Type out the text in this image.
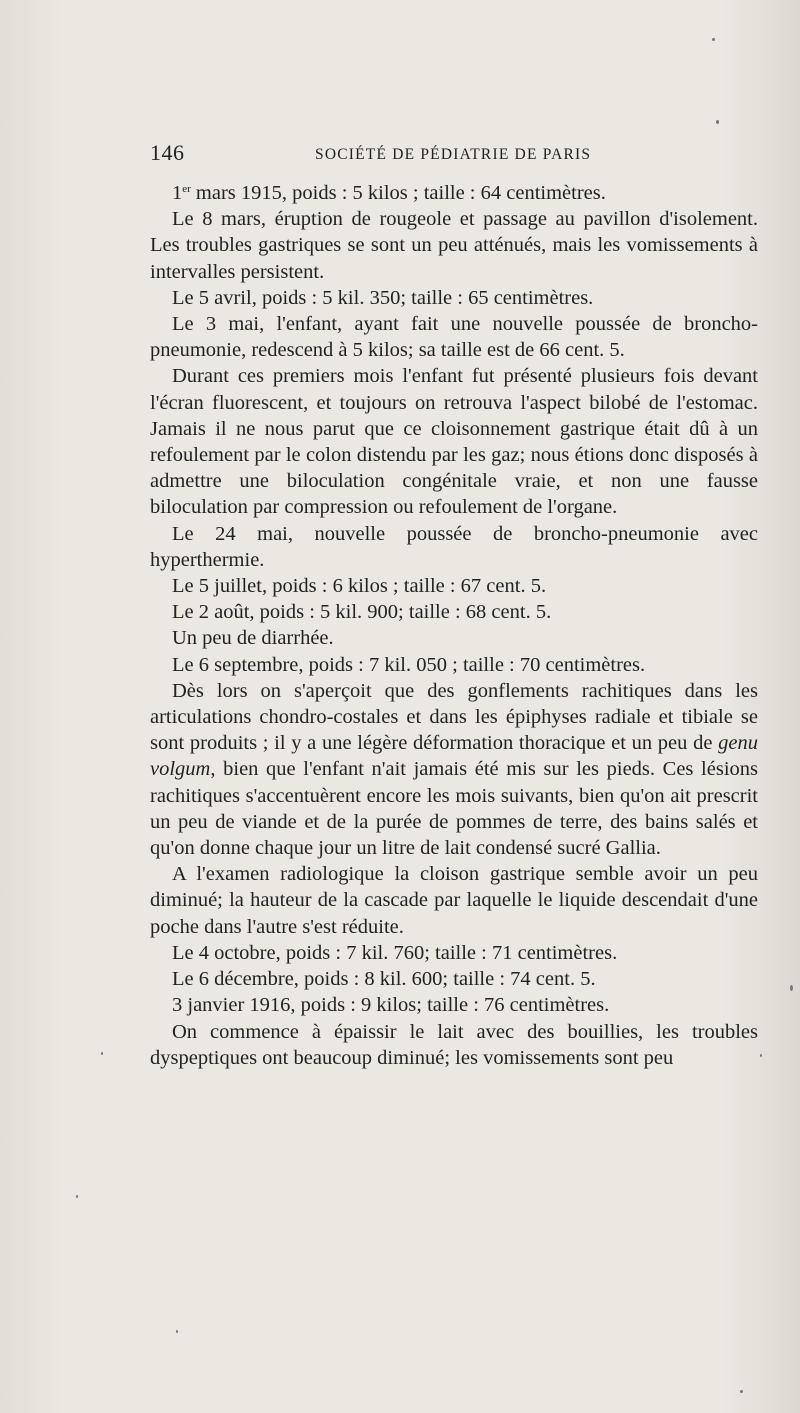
146	SOCIÉTÉ DE PÉDIATRIE DE PARIS

1er mars 1915, poids : 5 kilos ; taille : 64 centimètres.

Le 8 mars, éruption de rougeole et passage au pavillon d'isolement. Les troubles gastriques se sont un peu atténués, mais les vomissements à intervalles persistent.

Le 5 avril, poids : 5 kil. 350; taille : 65 centimètres.

Le 3 mai, l'enfant, ayant fait une nouvelle poussée de broncho-pneumonie, redescend à 5 kilos; sa taille est de 66 cent. 5.

Durant ces premiers mois l'enfant fut présenté plusieurs fois devant l'écran fluorescent, et toujours on retrouva l'aspect bilobé de l'estomac. Jamais il ne nous parut que ce cloisonnement gastrique était dû à un refoulement par le colon distendu par les gaz; nous étions donc disposés à admettre une biloculation congénitale vraie, et non une fausse biloculation par compression ou refoulement de l'organe.

Le 24 mai, nouvelle poussée de broncho-pneumonie avec hyperthermie.

Le 5 juillet, poids : 6 kilos ; taille : 67 cent. 5.

Le 2 août, poids : 5 kil. 900; taille : 68 cent. 5.

Un peu de diarrhée.

Le 6 septembre, poids : 7 kil. 050 ; taille : 70 centimètres.

Dès lors on s'aperçoit que des gonflements rachitiques dans les articulations chondro-costales et dans les épiphyses radiale et tibiale se sont produits ; il y a une légère déformation thoracique et un peu de genu volgum, bien que l'enfant n'ait jamais été mis sur les pieds. Ces lésions rachitiques s'accentuèrent encore les mois suivants, bien qu'on ait prescrit un peu de viande et de la purée de pommes de terre, des bains salés et qu'on donne chaque jour un litre de lait condensé sucré Gallia.

A l'examen radiologique la cloison gastrique semble avoir un peu diminué; la hauteur de la cascade par laquelle le liquide descendait d'une poche dans l'autre s'est réduite.

Le 4 octobre, poids : 7 kil. 760; taille : 71 centimètres.

Le 6 décembre, poids : 8 kil. 600; taille : 74 cent. 5.

3 janvier 1916, poids : 9 kilos; taille : 76 centimètres.

On commence à épaissir le lait avec des bouillies, les troubles dyspeptiques ont beaucoup diminué; les vomissements sont peu
